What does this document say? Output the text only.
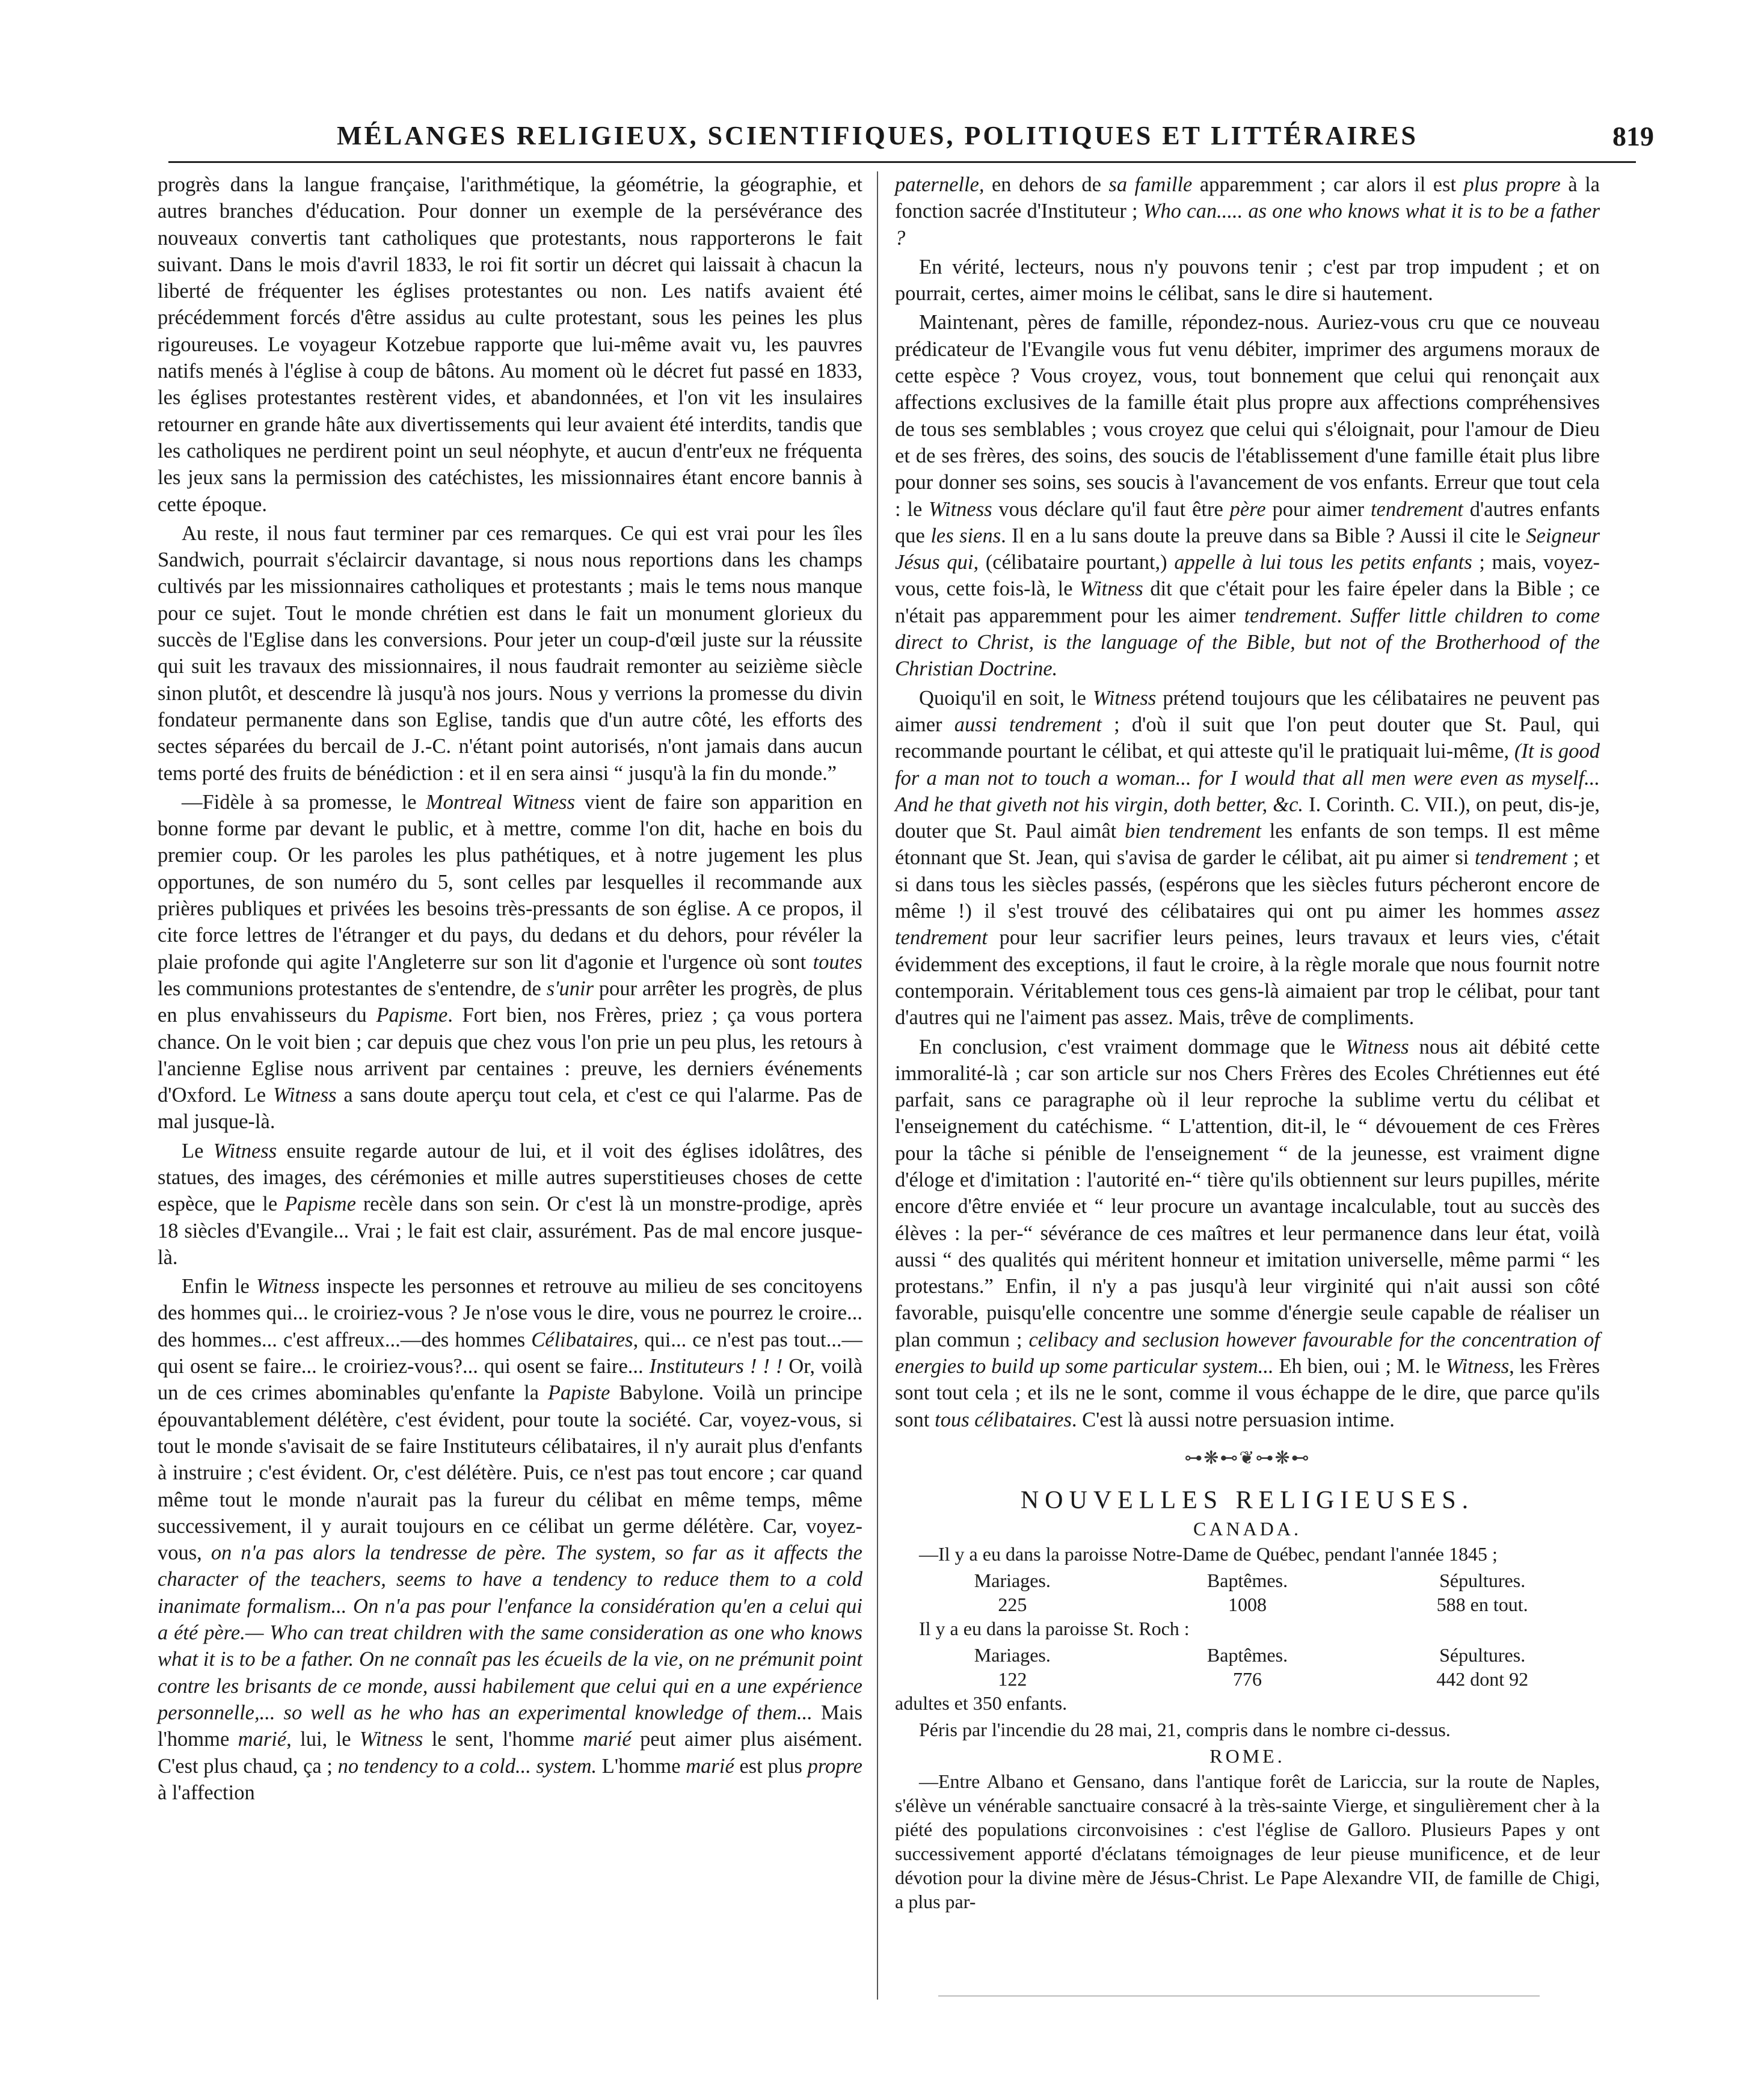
MÉLANGES RELIGIEUX, SCIENTIFIQUES, POLITIQUES ET LITTÉRAIRES	819

progrès dans la langue française, l'arithmétique, la géométrie, la géographie, et autres branches d'éducation. Pour donner un exemple de la persévérance des nouveaux convertis tant catholiques que protestants, nous rapporterons le fait suivant. Dans le mois d'avril 1833, le roi fit sortir un décret qui laissait à chacun la liberté de fréquenter les églises protestantes ou non. Les natifs avaient été précédemment forcés d'être assidus au culte protestant, sous les peines les plus rigoureuses. Le voyageur Kotzebue rapporte que lui-même avait vu, les pauvres natifs menés à l'église à coup de bâtons. Au moment où le décret fut passé en 1833, les églises protestantes restèrent vides, et abandonnées, et l'on vit les insulaires retourner en grande hâte aux divertissements qui leur avaient été interdits, tandis que les catholiques ne perdirent point un seul néophyte, et aucun d'entr'eux ne fréquenta les jeux sans la permission des catéchistes, les missionnaires étant encore bannis à cette époque.

Au reste, il nous faut terminer par ces remarques. Ce qui est vrai pour les îles Sandwich, pourrait s'éclaircir davantage, si nous nous reportions dans les champs cultivés par les missionnaires catholiques et protestants ; mais le tems nous manque pour ce sujet. Tout le monde chrétien est dans le fait un monument glorieux du succès de l'Eglise dans les conversions. Pour jeter un coup-d'œil juste sur la réussite qui suit les travaux des missionnaires, il nous faudrait remonter au seizième siècle sinon plutôt, et descendre là jusqu'à nos jours. Nous y verrions la promesse du divin fondateur permanente dans son Eglise, tandis que d'un autre côté, les efforts des sectes séparées du bercail de J.-C. n'étant point autorisés, n'ont jamais dans aucun tems porté des fruits de bénédiction : et il en sera ainsi “ jusqu'à la fin du monde.”

—Fidèle à sa promesse, le Montreal Witness vient de faire son apparition en bonne forme par devant le public, et à mettre, comme l'on dit, hache en bois du premier coup. Or les paroles les plus pathétiques, et à notre jugement les plus opportunes, de son numéro du 5, sont celles par lesquelles il recommande aux prières publiques et privées les besoins très-pressants de son église. A ce propos, il cite force lettres de l'étranger et du pays, du dedans et du dehors, pour révéler la plaie profonde qui agite l'Angleterre sur son lit d'agonie et l'urgence où sont toutes les communions protestantes de s'entendre, de s'unir pour arrêter les progrès, de plus en plus envahisseurs du Papisme. Fort bien, nos Frères, priez ; ça vous portera chance. On le voit bien ; car depuis que chez vous l'on prie un peu plus, les retours à l'ancienne Eglise nous arrivent par centaines : preuve, les derniers événements d'Oxford. Le Witness a sans doute aperçu tout cela, et c'est ce qui l'alarme. Pas de mal jusque-là.

Le Witness ensuite regarde autour de lui, et il voit des églises idolâtres, des statues, des images, des cérémonies et mille autres superstitieuses choses de cette espèce, que le Papisme recèle dans son sein. Or c'est là un monstre-prodige, après 18 siècles d'Evangile... Vrai ; le fait est clair, assurément. Pas de mal encore jusque-là.

Enfin le Witness inspecte les personnes et retrouve au milieu de ses concitoyens des hommes qui... le croiriez-vous ? Je n'ose vous le dire, vous ne pourrez le croire... des hommes... c'est affreux...—des hommes Célibataires, qui... ce n'est pas tout...—qui osent se faire... le croiriez-vous?... qui osent se faire... Instituteurs ! ! ! Or, voilà un de ces crimes abominables qu'enfante la Papiste Babylone. Voilà un principe épouvantablement délétère, c'est évident, pour toute la société. Car, voyez-vous, si tout le monde s'avisait de se faire Instituteurs célibataires, il n'y aurait plus d'enfants à instruire ; c'est évident. Or, c'est délétère. Puis, ce n'est pas tout encore ; car quand même tout le monde n'aurait pas la fureur du célibat en même temps, même successivement, il y aurait toujours en ce célibat un germe délétère. Car, voyez-vous, on n'a pas alors la tendresse de père. The system, so far as it affects the character of the teachers, seems to have a tendency to reduce them to a cold inanimate formalism... On n'a pas pour l'enfance la considération qu'en a celui qui a été père.— Who can treat children with the same consideration as one who knows what it is to be a father. On ne connaît pas les écueils de la vie, on ne prémunit point contre les brisants de ce monde, aussi habilement que celui qui en a une expérience personnelle,... so well as he who has an experimental knowledge of them... Mais l'homme marié, lui, le Witness le sent, l'homme marié peut aimer plus aisément. C'est plus chaud, ça ; no tendency to a cold... system. L'homme marié est plus propre à l'affection

paternelle, en dehors de sa famille apparemment ; car alors il est plus propre à la fonction sacrée d'Instituteur ; Who can..... as one who knows what it is to be a father ?

En vérité, lecteurs, nous n'y pouvons tenir ; c'est par trop impudent ; et on pourrait, certes, aimer moins le célibat, sans le dire si hautement.

Maintenant, pères de famille, répondez-nous. Auriez-vous cru que ce nouveau prédicateur de l'Evangile vous fut venu débiter, imprimer des argumens moraux de cette espèce ? Vous croyez, vous, tout bonnement que celui qui renonçait aux affections exclusives de la famille était plus propre aux affections compréhensives de tous ses semblables ; vous croyez que celui qui s'éloignait, pour l'amour de Dieu et de ses frères, des soins, des soucis de l'établissement d'une famille était plus libre pour donner ses soins, ses soucis à l'avancement de vos enfants. Erreur que tout cela : le Witness vous déclare qu'il faut être père pour aimer tendrement d'autres enfants que les siens. Il en a lu sans doute la preuve dans sa Bible ? Aussi il cite le Seigneur Jésus qui, (célibataire pourtant,) appelle à lui tous les petits enfants ; mais, voyez-vous, cette fois-là, le Witness dit que c'était pour les faire épeler dans la Bible ; ce n'était pas apparemment pour les aimer tendrement. Suffer little children to come direct to Christ, is the language of the Bible, but not of the Brotherhood of the Christian Doctrine.

Quoiqu'il en soit, le Witness prétend toujours que les célibataires ne peuvent pas aimer aussi tendrement ; d'où il suit que l'on peut douter que St. Paul, qui recommande pourtant le célibat, et qui atteste qu'il le pratiquait lui-même, (It is good for a man not to touch a woman... for I would that all men were even as myself... And he that giveth not his virgin, doth better, &c. I. Corinth. C. VII.), on peut, dis-je, douter que St. Paul aimât bien tendrement les enfants de son temps. Il est même étonnant que St. Jean, qui s'avisa de garder le célibat, ait pu aimer si tendrement ; et si dans tous les siècles passés, (espérons que les siècles futurs pécheront encore de même !) il s'est trouvé des célibataires qui ont pu aimer les hommes assez tendrement pour leur sacrifier leurs peines, leurs travaux et leurs vies, c'était évidemment des exceptions, il faut le croire, à la règle morale que nous fournit notre contemporain. Véritablement tous ces gens-là aimaient par trop le célibat, pour tant d'autres qui ne l'aiment pas assez. Mais, trêve de compliments.

En conclusion, c'est vraiment dommage que le Witness nous ait débité cette immoralité-là ; car son article sur nos Chers Frères des Ecoles Chrétiennes eut été parfait, sans ce paragraphe où il leur reproche la sublime vertu du célibat et l'enseignement du catéchisme. “ L'attention, dit-il, le “ dévouement de ces Frères pour la tâche si pénible de l'enseignement “ de la jeunesse, est vraiment digne d'éloge et d'imitation : l'autorité en-“ tière qu'ils obtiennent sur leurs pupilles, mérite encore d'être enviée et “ leur procure un avantage incalculable, tout au succès des élèves : la per-“ sévérance de ces maîtres et leur permanence dans leur état, voilà aussi “ des qualités qui méritent honneur et imitation universelle, même parmi “ les protestans.” Enfin, il n'y a pas jusqu'à leur virginité qui n'ait aussi son côté favorable, puisqu'elle concentre une somme d'énergie seule capable de réaliser un plan commun ; celibacy and seclusion however favourable for the concentration of energies to build up some particular system... Eh bien, oui ; M. le Witness, les Frères sont tout cela ; et ils ne le sont, comme il vous échappe de le dire, que parce qu'ils sont tous célibataires. C'est là aussi notre persuasion intime.

⊶❋⊷❦⊶❋⊷

NOUVELLES RELIGIEUSES.

CANADA.

—Il y a eu dans la paroisse Notre-Dame de Québec, pendant l'année 1845 ;

Mariages.	Baptêmes.	Sépultures.
225	1008	588 en tout.

Il y a eu dans la paroisse St. Roch :

Mariages.	Baptêmes.	Sépultures.
122	776	442 dont 92

adultes et 350 enfants.

Péris par l'incendie du 28 mai, 21, compris dans le nombre ci-dessus.

ROME.

—Entre Albano et Gensano, dans l'antique forêt de Lariccia, sur la route de Naples, s'élève un vénérable sanctuaire consacré à la très-sainte Vierge, et singulièrement cher à la piété des populations circonvoisines : c'est l'église de Galloro. Plusieurs Papes y ont successivement apporté d'éclatans témoignages de leur pieuse munificence, et de leur dévotion pour la divine mère de Jésus-Christ. Le Pape Alexandre VII, de famille de Chigi, a plus par-
